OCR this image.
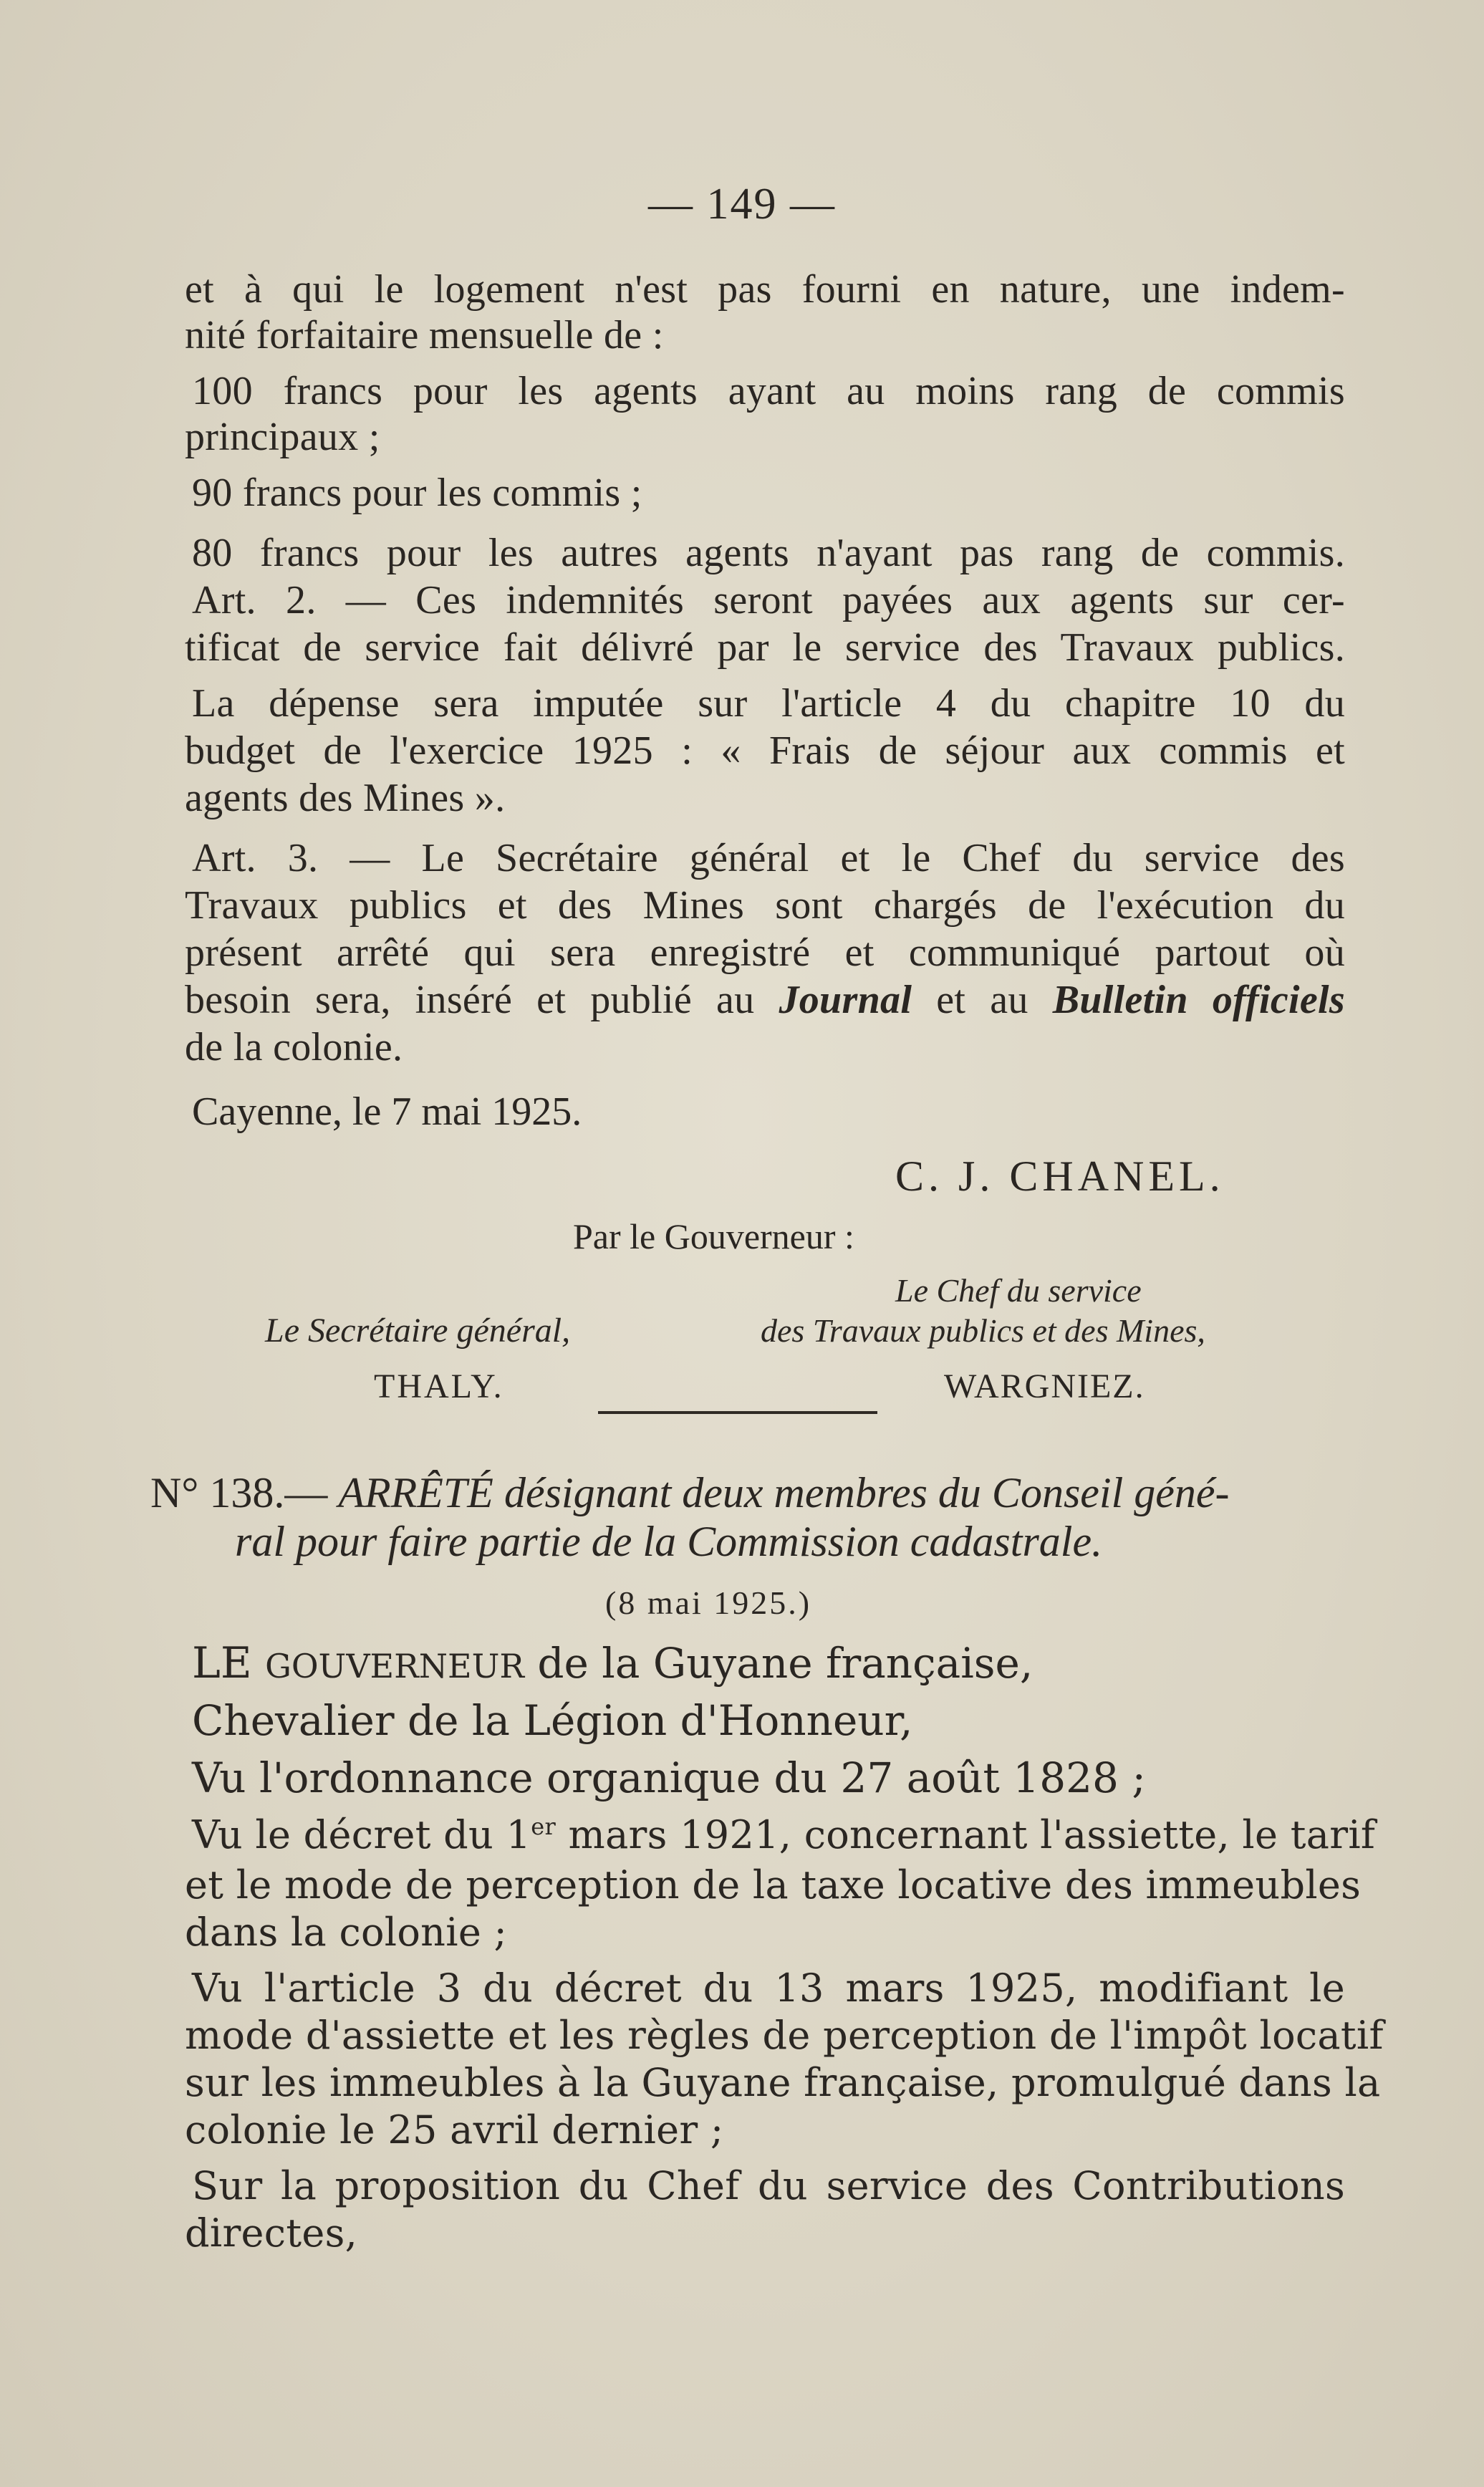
— 149 —
et à qui le logement n'est pas fourni en nature, une indem-
nité forfaitaire mensuelle de :
100 francs pour les agents ayant au moins rang de commis
principaux ;
90 francs pour les commis ;
80 francs pour les autres agents n'ayant pas rang de commis.
Art. 2. — Ces indemnités seront payées aux agents sur cer-
tificat de service fait délivré par le service des Travaux publics.
La dépense sera imputée sur l'article 4 du chapitre 10 du
budget de l'exercice 1925 : « Frais de séjour aux commis et
agents des Mines ».
Art. 3. — Le Secrétaire général et le Chef du service des
Travaux publics et des Mines sont chargés de l'exécution du
présent arrêté qui sera enregistré et communiqué partout où
besoin sera, inséré et publié au Journal et au Bulletin officiels
de la colonie.
Cayenne, le 7 mai 1925.
C. J. CHANEL.
Par le Gouverneur :
Le Chef du service
Le Secrétaire général,	des Travaux publics et des Mines,
THALY.	WARGNIEZ.
N° 138.— ARRÊTÉ désignant deux membres du Conseil géné-
ral pour faire partie de la Commission cadastrale.
(8 mai 1925.)
LE GOUVERNEUR de la Guyane française,
Chevalier de la Légion d'Honneur,
Vu l'ordonnance organique du 27 août 1828 ;
Vu le décret du 1er mars 1921, concernant l'assiette, le tarif
et le mode de perception de la taxe locative des immeubles
dans la colonie ;
Vu l'article 3 du décret du 13 mars 1925, modifiant le
mode d'assiette et les règles de perception de l'impôt locatif
sur les immeubles à la Guyane française, promulgué dans la
colonie le 25 avril dernier ;
Sur la proposition du Chef du service des Contributions
directes,
